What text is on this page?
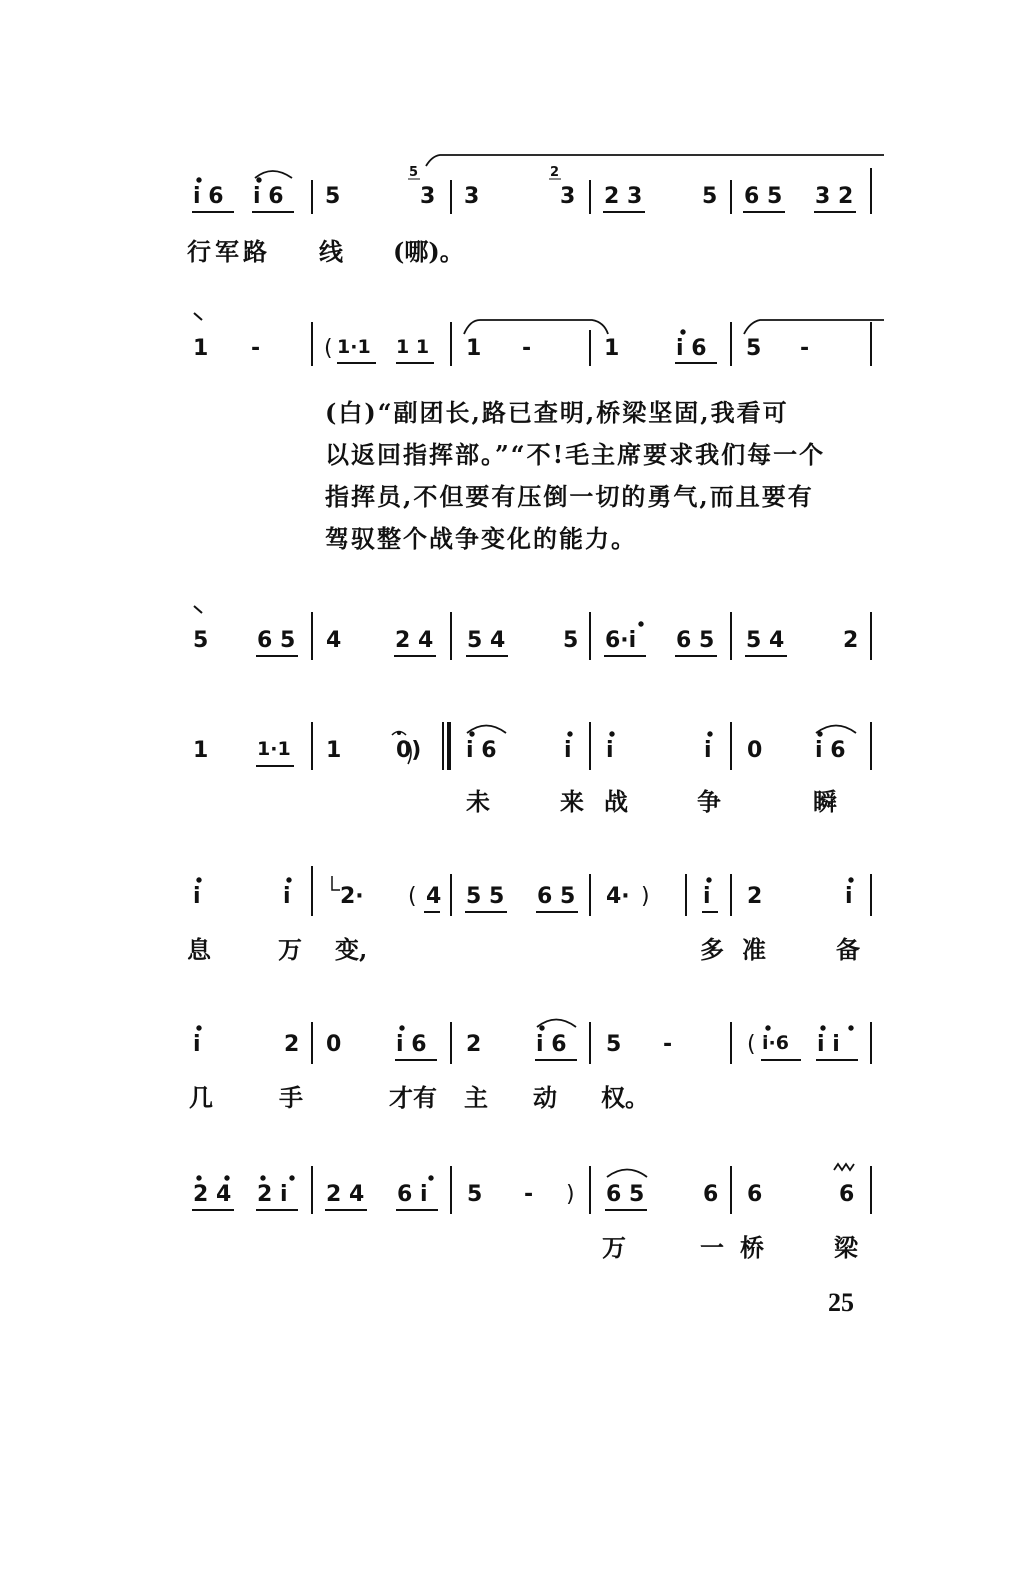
i 6 i 6 5	3 3	3 2 3	5 6 5 3 2
5	2
行军路 线 (哪)。
1 -	( 1·1 1 1 1 -	1	i 6 5 -
(白)“副团长,路已查明,桥梁坚固,我看可
以返回指挥部。”“不!毛主席要求我们每一个
指挥员,不但要有压倒一切的勇气,而且要有
驾驭整个战争变化的能力。
5 6 5 4 2 4 5 4	5 6·i 6 5 5 4	2
1	1·1 1 0) i 6	i i	i 0 i 6
未	来 战	争	瞬
i	i 2· ( 4 5 5 6 5 4· ) i 2	i
息	万 变,	多 准	备
i	2 0 i 6 2 i 6 5 -	( i·6 i i
几	手	才有 主 动 权。
2 4 2 i 2 4 6 i 5 - ) 6 5	6 6	6
万	一 桥	梁
25
